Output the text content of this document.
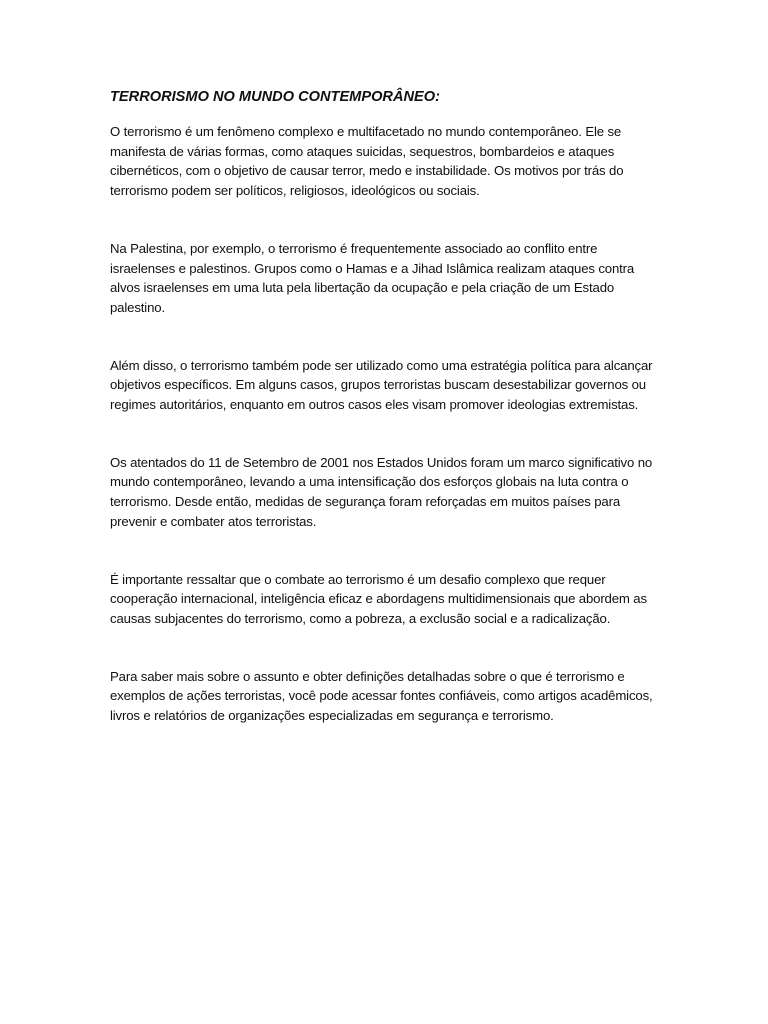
TERRORISMO NO MUNDO CONTEMPORÂNEO:

O terrorismo é um fenômeno complexo e multifacetado no mundo contemporâneo. Ele se manifesta de várias formas, como ataques suicidas, sequestros, bombardeios e ataques cibernéticos, com o objetivo de causar terror, medo e instabilidade. Os motivos por trás do terrorismo podem ser políticos, religiosos, ideológicos ou sociais.

Na Palestina, por exemplo, o terrorismo é frequentemente associado ao conflito entre israelenses e palestinos. Grupos como o Hamas e a Jihad Islâmica realizam ataques contra alvos israelenses em uma luta pela libertação da ocupação e pela criação de um Estado palestino.

Além disso, o terrorismo também pode ser utilizado como uma estratégia política para alcançar objetivos específicos. Em alguns casos, grupos terroristas buscam desestabilizar governos ou regimes autoritários, enquanto em outros casos eles visam promover ideologias extremistas.

Os atentados do 11 de Setembro de 2001 nos Estados Unidos foram um marco significativo no mundo contemporâneo, levando a uma intensificação dos esforços globais na luta contra o terrorismo. Desde então, medidas de segurança foram reforçadas em muitos países para prevenir e combater atos terroristas.

É importante ressaltar que o combate ao terrorismo é um desafio complexo que requer cooperação internacional, inteligência eficaz e abordagens multidimensionais que abordem as causas subjacentes do terrorismo, como a pobreza, a exclusão social e a radicalização.

Para saber mais sobre o assunto e obter definições detalhadas sobre o que é terrorismo e exemplos de ações terroristas, você pode acessar fontes confiáveis, como artigos acadêmicos, livros e relatórios de organizações especializadas em segurança e terrorismo.
